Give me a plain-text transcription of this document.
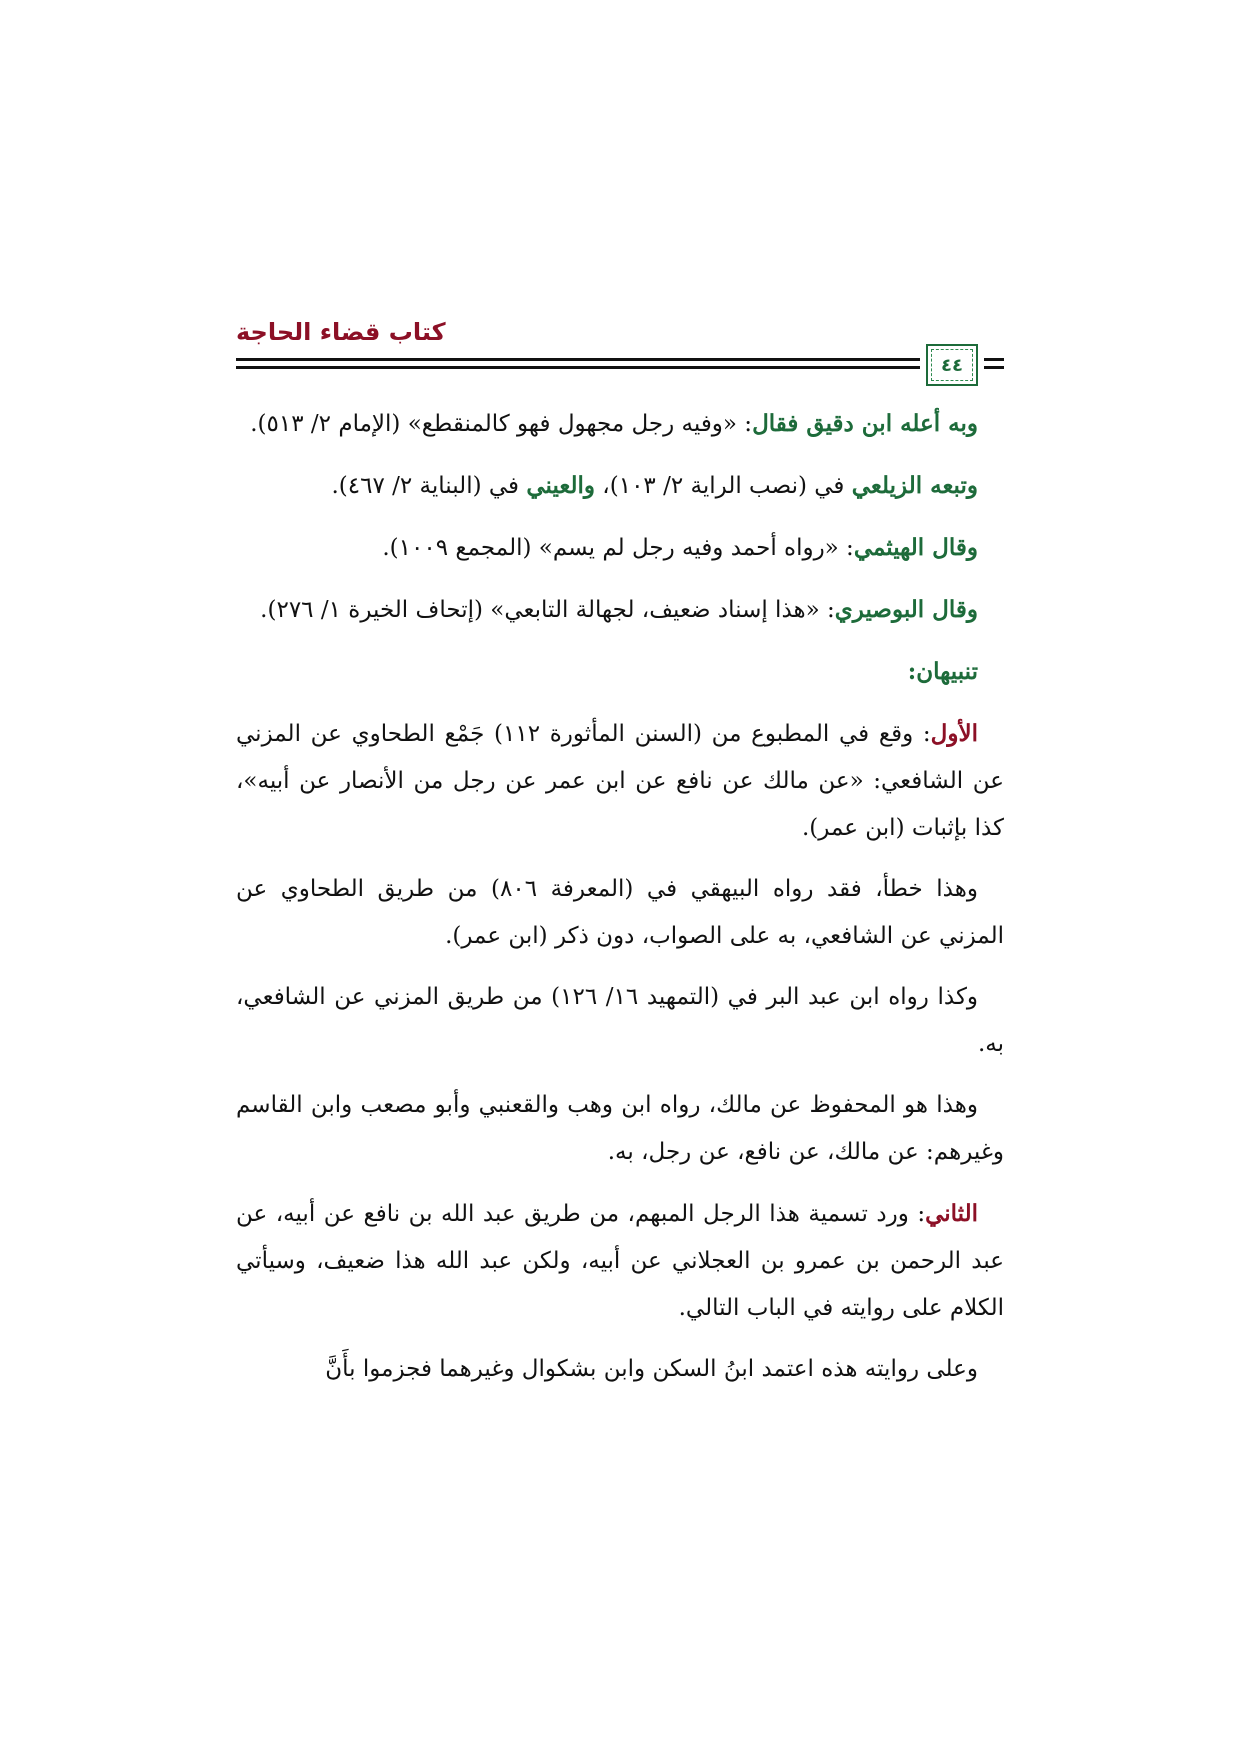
كتاب قضاء الحاجة
٤٤

وبه أعله ابن دقيق فقال: «وفيه رجل مجهول فهو كالمنقطع» (الإمام ٢/ ٥١٣).

وتبعه الزيلعي في (نصب الراية ٢/ ١٠٣)، والعيني في (البناية ٢/ ٤٦٧).

وقال الهيثمي: «رواه أحمد وفيه رجل لم يسم» (المجمع ١٠٠٩).

وقال البوصيري: «هذا إسناد ضعيف، لجهالة التابعي» (إتحاف الخيرة ١/ ٢٧٦).

تنبيهان:

الأول: وقع في المطبوع من (السنن المأثورة ١١٢) جَمْع الطحاوي عن المزني عن الشافعي: «عن مالك عن نافع عن ابن عمر عن رجل من الأنصار عن أبيه»، كذا بإثبات (ابن عمر).

وهذا خطأ، فقد رواه البيهقي في (المعرفة ٨٠٦) من طريق الطحاوي عن المزني عن الشافعي، به على الصواب، دون ذكر (ابن عمر).

وكذا رواه ابن عبد البر في (التمهيد ١٦/ ١٢٦) من طريق المزني عن الشافعي، به.

وهذا هو المحفوظ عن مالك، رواه ابن وهب والقعنبي وأبو مصعب وابن القاسم وغيرهم: عن مالك، عن نافع، عن رجل، به.

الثاني: ورد تسمية هذا الرجل المبهم، من طريق عبد الله بن نافع عن أبيه، عن عبد الرحمن بن عمرو بن العجلاني عن أبيه، ولكن عبد الله هذا ضعيف، وسيأتي الكلام على روايته في الباب التالي.

وعلى روايته هذه اعتمد ابنُ السكن وابن بشكوال وغيرهما فجزموا بأَنَّ
